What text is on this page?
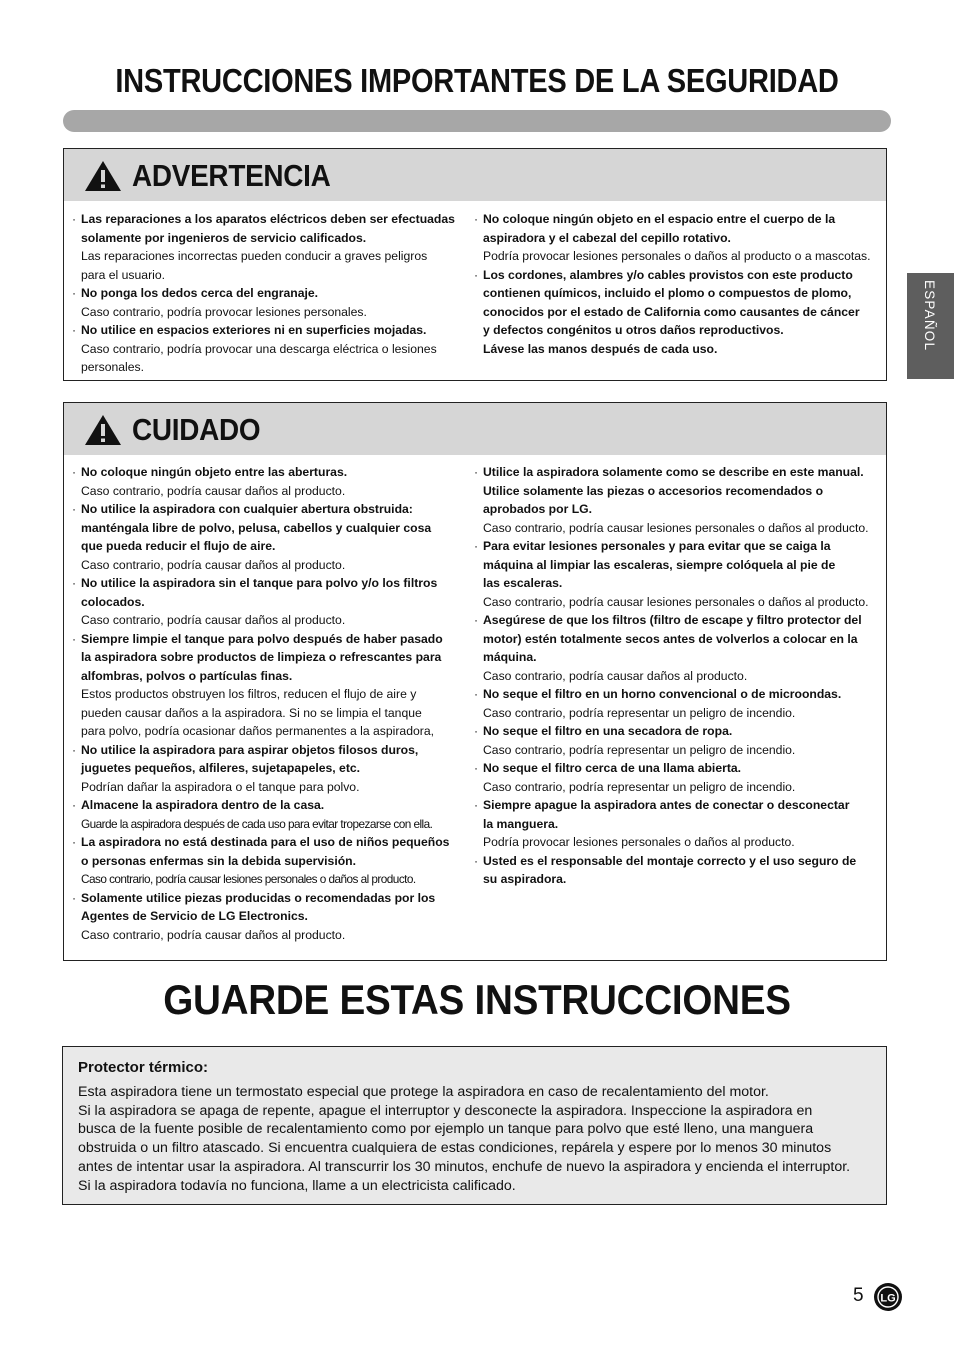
INSTRUCCIONES IMPORTANTES DE LA SEGURIDAD
ESPAÑOL
ADVERTENCIA
· Las reparaciones a los aparatos eléctricos deben ser efectuadas
solamente por ingenieros de servicio calificados.
Las reparaciones incorrectas pueden conducir a graves peligros
para el usuario.
· No ponga los dedos cerca del engranaje.
Caso contrario, podría provocar lesiones personales.
· No utilice en espacios exteriores ni en superficies mojadas.
Caso contrario, podría provocar una descarga eléctrica o lesiones
personales.
· No coloque ningún objeto en el espacio entre el cuerpo de la
aspiradora y el cabezal del cepillo rotativo.
Podría provocar lesiones personales o daños al producto o a mascotas.
· Los cordones, alambres y/o cables provistos con este producto
contienen químicos, incluido el plomo o compuestos de plomo,
conocidos por el estado de California como causantes de cáncer
y defectos congénitos u otros daños reproductivos.
Lávese las manos después de cada uso.
CUIDADO
· No coloque ningún objeto entre las aberturas.
Caso contrario, podría causar daños al producto.
· No utilice la aspiradora con cualquier abertura obstruida:
manténgala libre de polvo, pelusa, cabellos y cualquier cosa
que pueda reducir el flujo de aire.
Caso contrario, podría causar daños al producto.
· No utilice la aspiradora sin el tanque para polvo y/o los filtros
colocados.
Caso contrario, podría causar daños al producto.
· Siempre limpie el tanque para polvo después de haber pasado
la aspiradora sobre productos de limpieza o refrescantes para
alfombras, polvos o partículas finas.
Estos productos obstruyen los filtros, reducen el flujo de aire y
pueden causar daños a la aspiradora. Si no se limpia el tanque
para polvo, podría ocasionar daños permanentes a la aspiradora,
· No utilice la aspiradora para aspirar objetos filosos duros,
juguetes pequeños, alfileres, sujetapapeles, etc.
Podrían dañar la aspiradora o el tanque para polvo.
· Almacene la aspiradora dentro de la casa.
Guarde la aspiradora después de cada uso para evitar tropezarse con ella.
· La aspiradora no está destinada para el uso de niños pequeños
o personas enfermas sin la debida supervisión.
Caso contrario, podría causar lesiones personales o daños al producto.
· Solamente utilice piezas producidas o recomendadas por los
Agentes de Servicio de LG Electronics.
Caso contrario, podría causar daños al producto.
· Utilice la aspiradora solamente como se describe en este manual.
Utilice solamente las piezas o accesorios recomendados o
aprobados por LG.
Caso contrario, podría causar lesiones personales o daños al producto.
· Para evitar lesiones personales y para evitar que se caiga la
máquina al limpiar las escaleras, siempre colóquela al pie de
las escaleras.
Caso contrario, podría causar lesiones personales o daños al producto.
· Asegúrese de que los filtros (filtro de escape y filtro protector del
motor) estén totalmente secos antes de volverlos a colocar en la
máquina.
Caso contrario, podría causar daños al producto.
· No seque el filtro en un horno convencional o de microondas.
Caso contrario, podría representar un peligro de incendio.
· No seque el filtro en una secadora de ropa.
Caso contrario, podría representar un peligro de incendio.
· No seque el filtro cerca de una llama abierta.
Caso contrario, podría representar un peligro de incendio.
· Siempre apague la aspiradora antes de conectar o desconectar
la manguera.
Podría provocar lesiones personales o daños al producto.
· Usted es el responsable del montaje correcto y el uso seguro de
su aspiradora.
GUARDE ESTAS INSTRUCCIONES
Protector térmico:
Esta aspiradora tiene un termostato especial que protege la aspiradora en caso de recalentamiento del motor.
Si la aspiradora se apaga de repente, apague el interruptor y desconecte la aspiradora. Inspeccione la aspiradora en
busca de la fuente posible de recalentamiento como por ejemplo un tanque para polvo que esté lleno, una manguera
obstruida o un filtro atascado. Si encuentra cualquiera de estas condiciones, repárela y espere por lo menos 30 minutos
antes de intentar usar la aspiradora. Al transcurrir los 30 minutos, enchufe de nuevo la aspiradora y encienda el interruptor.
Si la aspiradora todavía no funciona, llame a un electricista calificado.
5 LG
